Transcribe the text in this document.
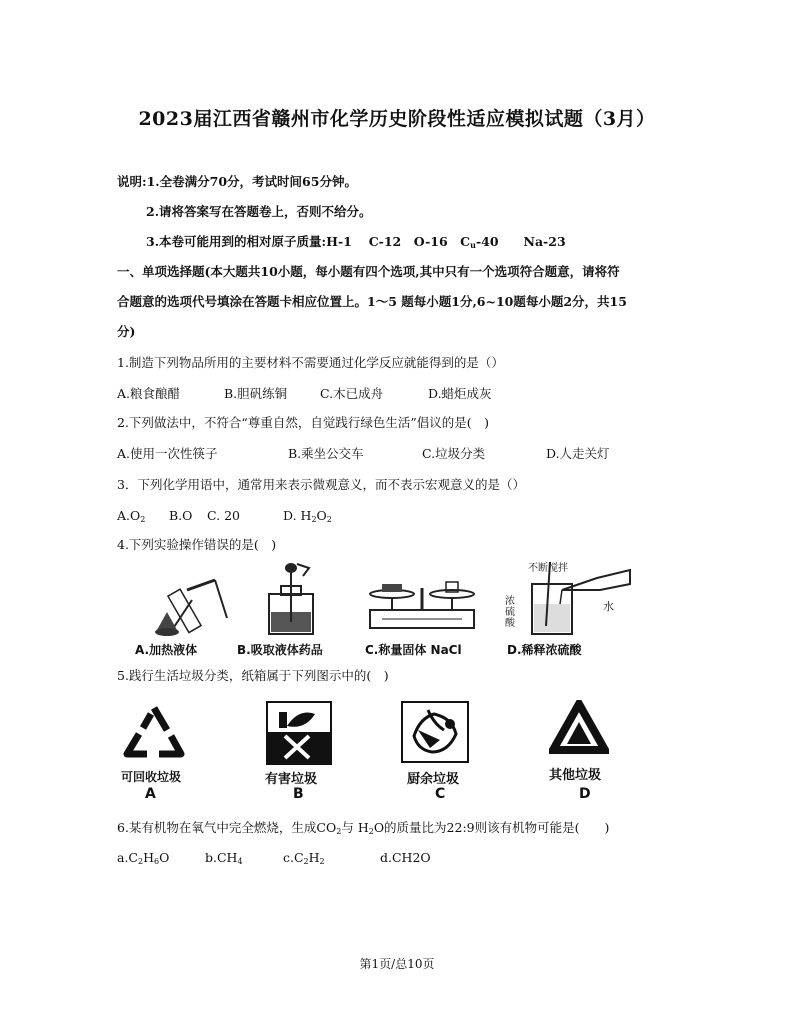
2023届江西省赣州市化学历史阶段性适应模拟试题（3月）
说明:1.全卷满分70分，考试时间65分钟。
2.请将答案写在答题卷上，否则不给分。
3.本卷可能用到的相对原子质量:H-1　 C-12　O-16　$C_u-40$　　Na-23
一、单项选择题(本大题共10小题，每小题有四个选项,其中只有一个选项符合题意，请将符
合题意的选项代号填涂在答题卡相应位置上。1～5 题每小题1分,6~10题每小题2分，共15
分)
1.制造下列物品所用的主要材料不需要通过化学反应就能得到的是（）
A.粮食酿醋	B.胆矾练铜	C.木已成舟	D.蜡炬成灰
2.下列做法中，不符合“尊重自然，自觉践行绿色生活”倡议的是(　)
A.使用一次性筷子	B.乘坐公交车	C.垃圾分类	D.人走关灯
3．下列化学用语中，通常用来表示微观意义，而不表示宏观意义的是（）
$A.O_2$ B.O C. 20	D. $H_2O_2$
4.下列实验操作错误的是(　)
不断搅拌
水
浓硫酸
A.加热液体	B.吸取液体药品	C.称量固体 NaCl	D.稀释浓硫酸
5.践行生活垃圾分类，纸箱属于下列图示中的(　)
可回收垃圾	有害垃圾	厨余垃圾	其他垃圾
A	B	C	D
6.某有机物在氧气中完全燃烧，生成$CO_2$与 $H_2O$的质量比为22:9则该有机物可能是(　　)
$a.C_2H_6O$	$b.CH_4$	$c.C_2H_2$	d.CH2O
第1页/总10页
